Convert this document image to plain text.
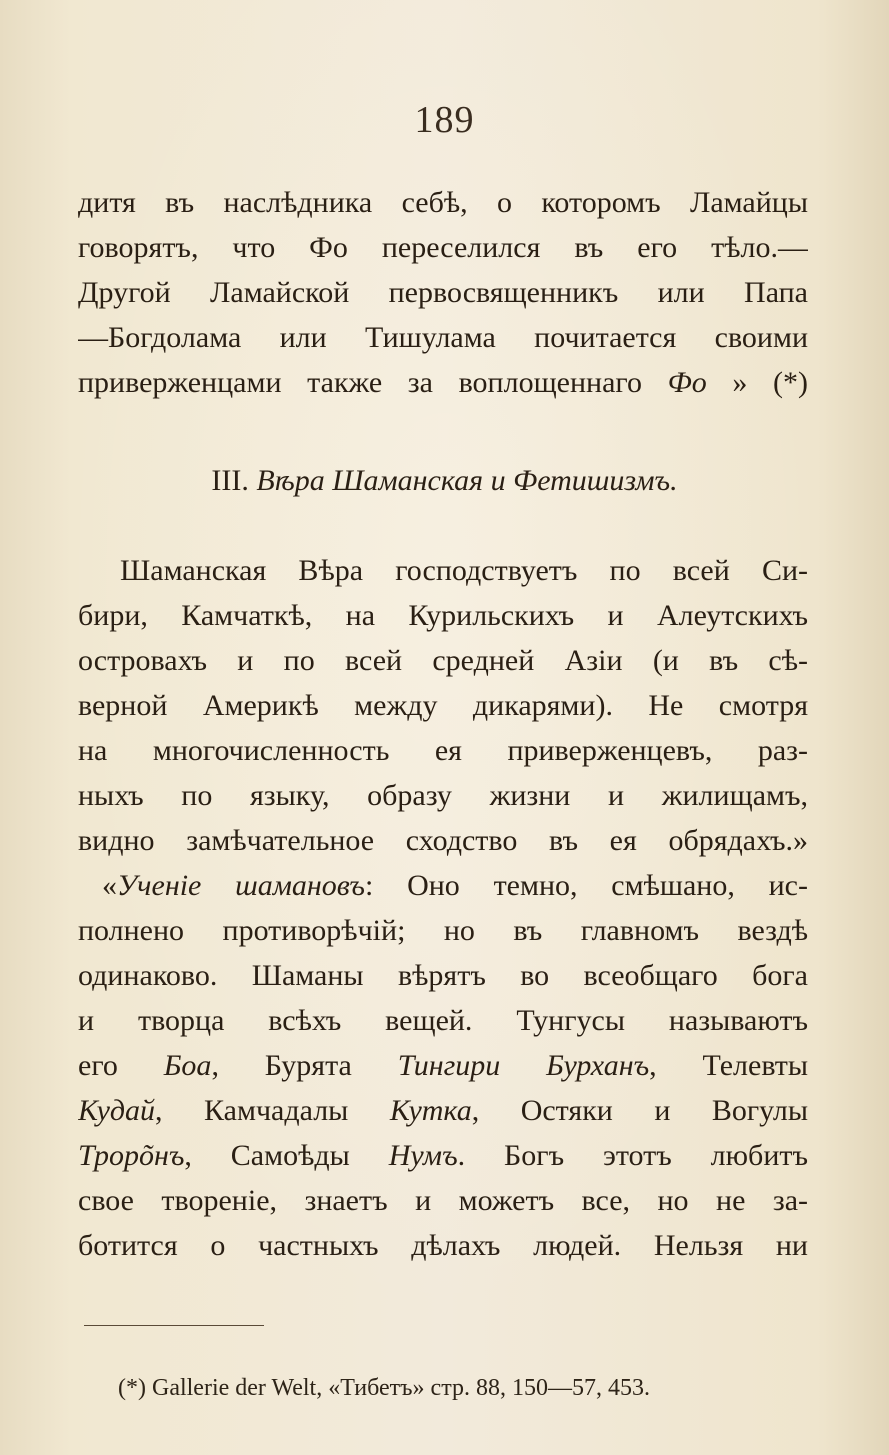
189
дитя въ наслѣдника себѣ, о которомъ Ламайцы
говорятъ, что Фо переселился въ его тѣло.—
Другой Ламайской первосвященникъ или Папа
—Богдолама или Тишулама почитается своими
приверженцами также за воплощеннаго Фо » (*)
III. Вѣра Шаманская и Фетишизмъ.
Шаманская Вѣра господствуетъ по всей Си-
бири, Камчаткѣ, на Курильскихъ и Алеутскихъ
островахъ и по всей средней Азіи (и въ сѣ-
верной Америкѣ между дикарями). Не смотря
на многочисленность ея приверженцевъ, раз-
ныхъ по языку, образу жизни и жилищамъ,
видно замѣчательное сходство въ ея обрядахъ.»
«Ученіе шамановъ: Оно темно, смѣшано, ис-
полнено противорѣчій; но въ главномъ вездѣ
одинаково. Шаманы вѣрятъ во всеобщаго бога
и творца всѣхъ вещей. Тунгусы называютъ
его Боа, Бурята Тингири Бурханъ, Телевты
Кудай, Камчадалы Кутка, Остяки и Вогулы
Трорõнъ, Самоѣды Нумъ. Богъ этотъ любитъ
свое твореніе, знаетъ и можетъ все, но не за-
ботится о частныхъ дѣлахъ людей. Нельзя ни
(*) Gallerie der Welt, «Тибетъ» стр. 88, 150—57, 453.
